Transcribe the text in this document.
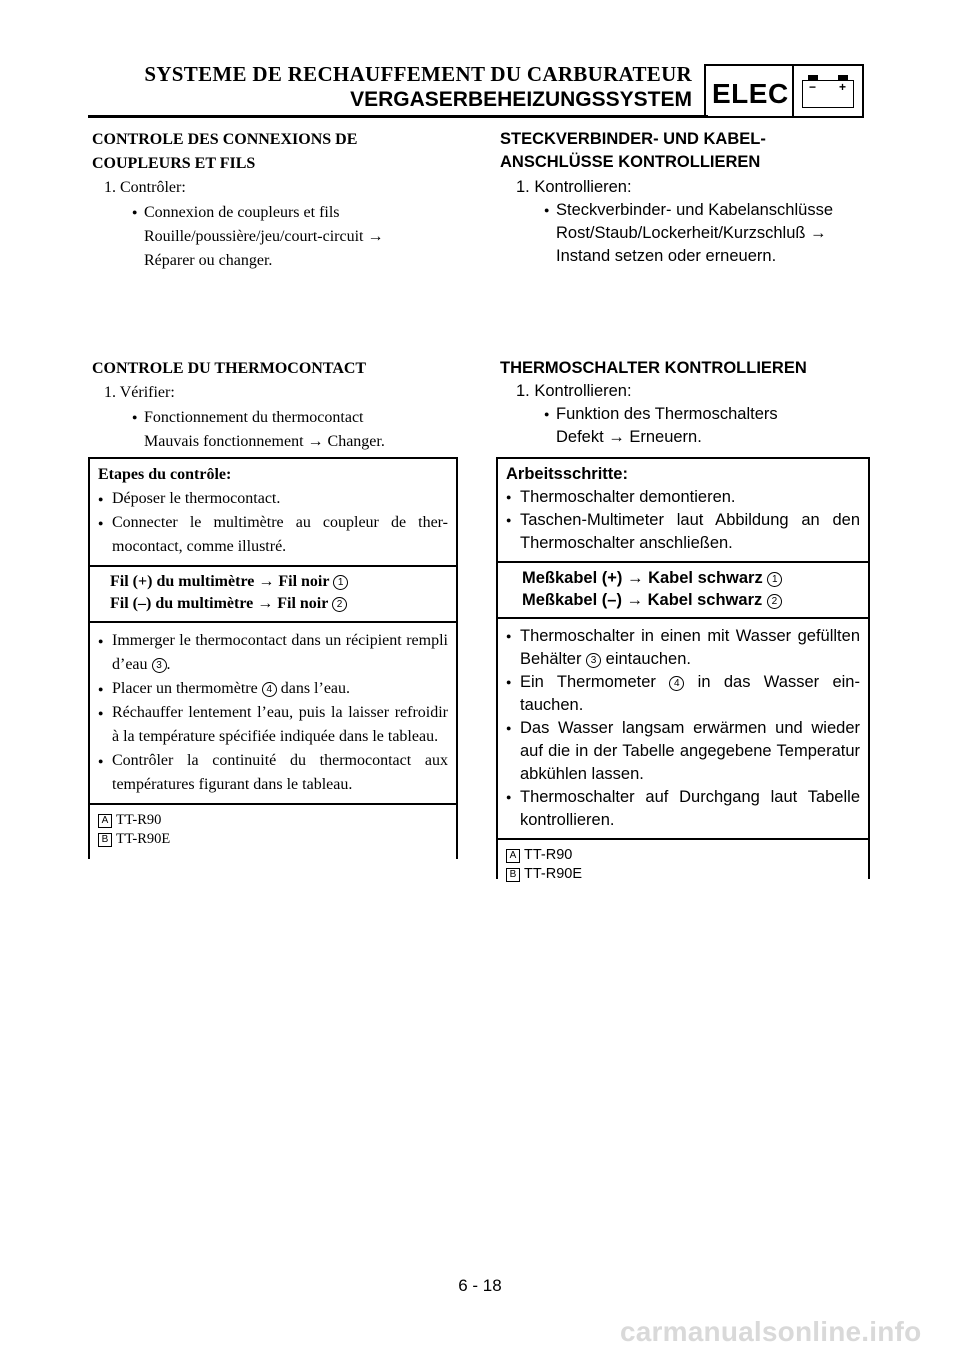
SYSTEME DE RECHAUFFEMENT DU CARBURATEUR
VERGASERBEHEIZUNGSSYSTEM ELEC − +
CONTROLE DES CONNEXIONS DE
COUPLEURS ET FILS
1. Contrôler:
● Connexion de coupleurs et fils
Rouille/poussière/jeu/court-circuit →
Réparer ou changer.
CONTROLE DU THERMOCONTACT
1. Vérifier:
● Fonctionnement du thermocontact
Mauvais fonctionnement → Changer.
Etapes du contrôle:
● Déposer le thermocontact.
● Connecter le multimètre au coupleur de ther-mocontact, comme illustré.
Fil (+) du multimètre → Fil noir 1
Fil (–) du multimètre → Fil noir 2
● Immerger le thermocontact dans un récipient rempli d’eau 3 .
● Placer un thermomètre 4 dans l’eau.
● Réchauffer lentement l’eau, puis la laisser refroidir à la température spécifiée indiquée dans le tableau.
● Contrôler la continuité du thermocontact aux températures figurant dans le tableau.
A TT-R90
B TT-R90E
STECKVERBINDER- UND KABEL-
ANSCHLÜSSE KONTROLLIEREN
1. Kontrollieren:
● Steckverbinder- und Kabelanschlüsse
Rost/Staub/Lockerheit/Kurzschluß →
Instand setzen oder erneuern.
THERMOSCHALTER KONTROLLIEREN
1. Kontrollieren:
● Funktion des Thermoschalters
Defekt → Erneuern.
Arbeitsschritte:
● Thermoschalter demontieren.
● Taschen-Multimeter laut Abbildung an den Thermoschalter anschließen.
Meßkabel (+) → Kabel schwarz 1
Meßkabel (–) → Kabel schwarz 2
● Thermoschalter in einen mit Wasser gefüllten Behälter 3 eintauchen.
● Ein Thermometer 4 in das Wasser ein-tauchen.
● Das Wasser langsam erwärmen und wieder auf die in der Tabelle angegebene Temperatur abkühlen lassen.
● Thermoschalter auf Durchgang laut Tabelle kontrollieren.
A TT-R90
B TT-R90E
6 - 18
carmanualsonline.info
